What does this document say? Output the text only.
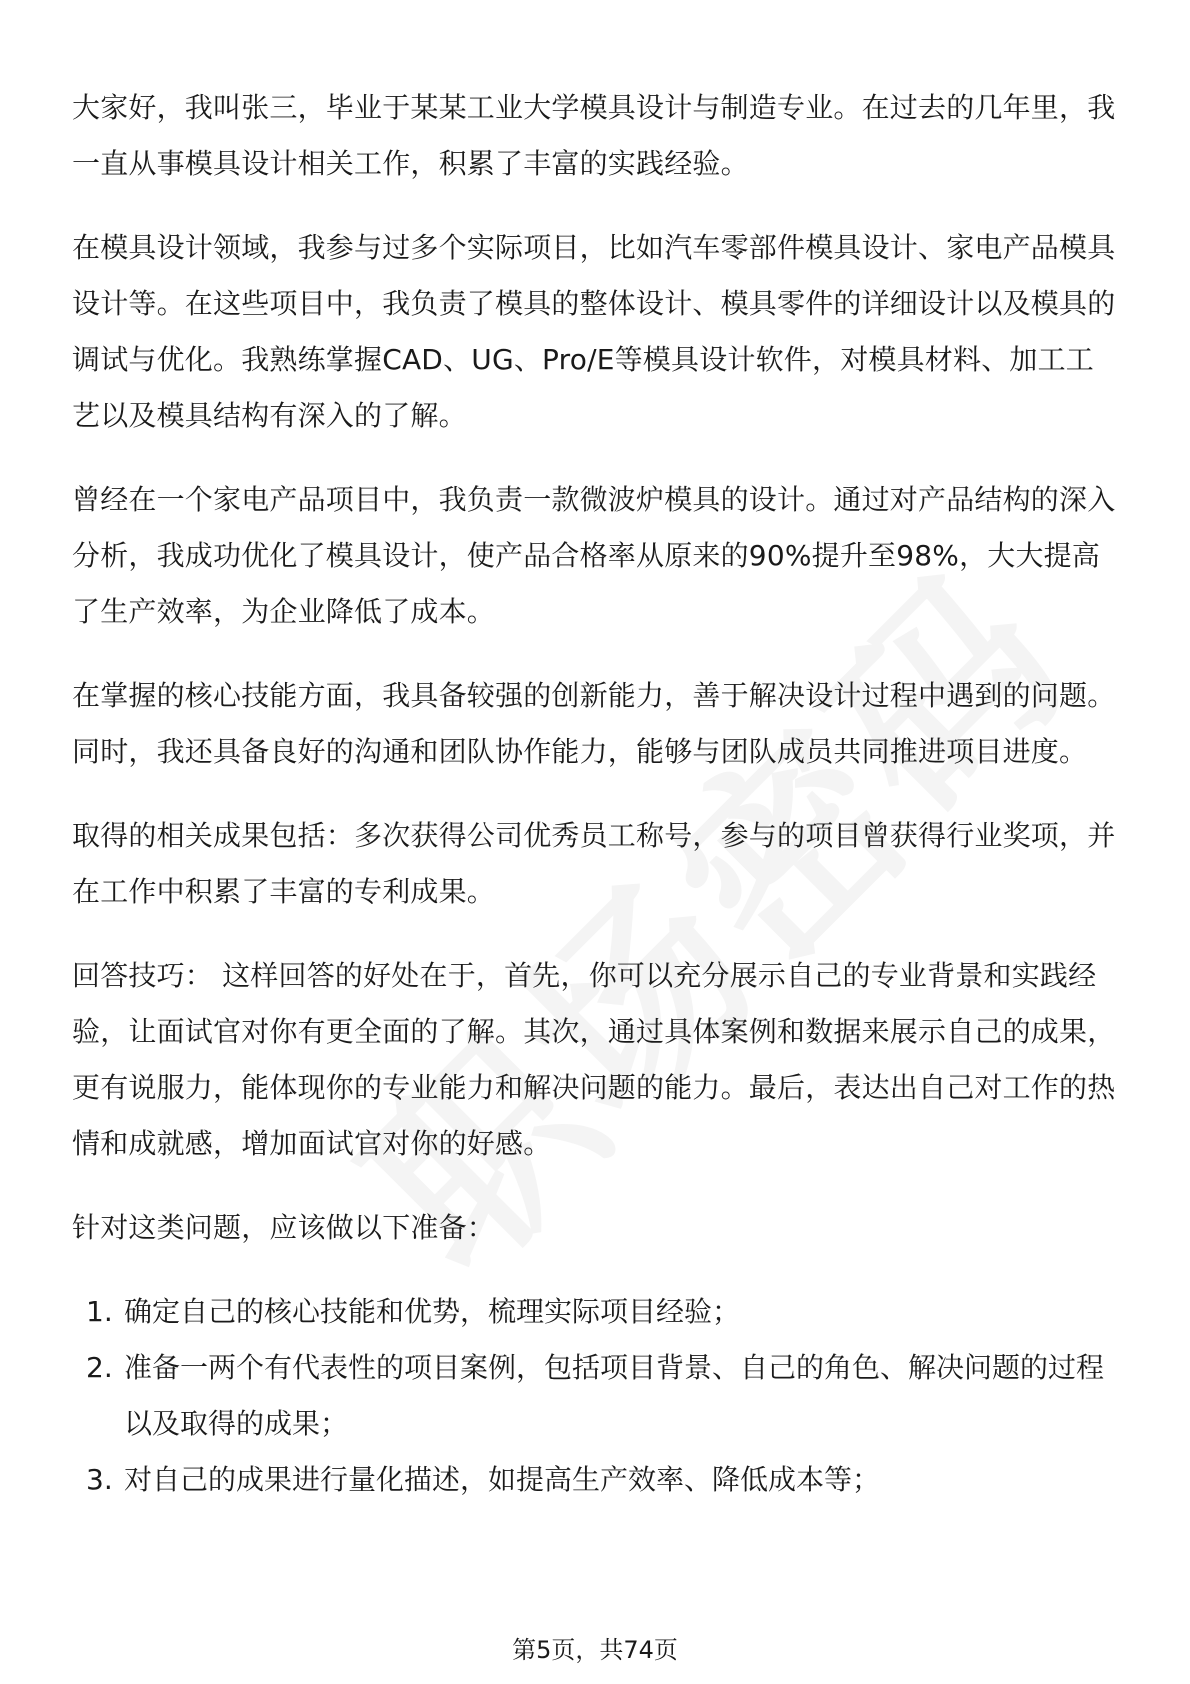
大家好，我叫张三，毕业于某某工业大学模具设计与制造专业。在过去的几年里，我一直从事模具设计相关工作，积累了丰富的实践经验。

在模具设计领域，我参与过多个实际项目，比如汽车零部件模具设计、家电产品模具设计等。在这些项目中，我负责了模具的整体设计、模具零件的详细设计以及模具的调试与优化。我熟练掌握CAD、UG、Pro/E等模具设计软件，对模具材料、加工工艺以及模具结构有深入的了解。

曾经在一个家电产品项目中，我负责一款微波炉模具的设计。通过对产品结构的深入分析，我成功优化了模具设计，使产品合格率从原来的90%提升至98%，大大提高了生产效率，为企业降低了成本。

在掌握的核心技能方面，我具备较强的创新能力，善于解决设计过程中遇到的问题。同时，我还具备良好的沟通和团队协作能力，能够与团队成员共同推进项目进度。

取得的相关成果包括：多次获得公司优秀员工称号，参与的项目曾获得行业奖项，并在工作中积累了丰富的专利成果。

回答技巧： 这样回答的好处在于，首先，你可以充分展示自己的专业背景和实践经验，让面试官对你有更全面的了解。其次，通过具体案例和数据来展示自己的成果，更有说服力，能体现你的专业能力和解决问题的能力。最后，表达出自己对工作的热情和成就感，增加面试官对你的好感。

针对这类问题，应该做以下准备：

1. 确定自己的核心技能和优势，梳理实际项目经验；
2. 准备一两个有代表性的项目案例，包括项目背景、自己的角色、解决问题的过程以及取得的成果；
3. 对自己的成果进行量化描述，如提高生产效率、降低成本等；
第5页，共74页
